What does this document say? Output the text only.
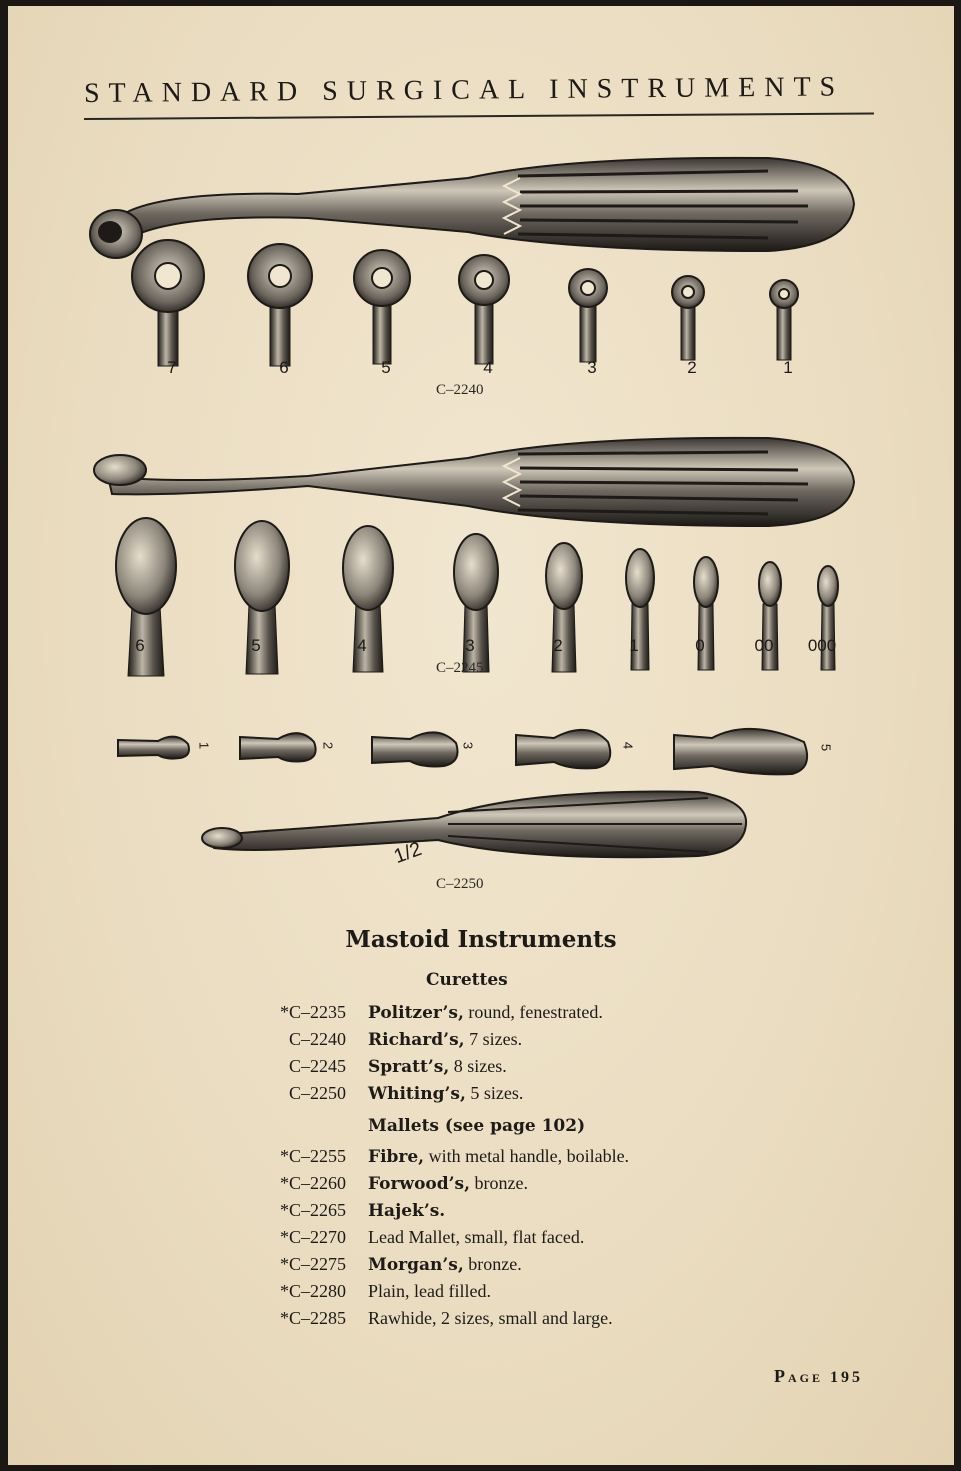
STANDARD SURGICAL INSTRUMENTS
7	6	5	4	3	2	1
C–2240
6	5	4	3	2	1	0	00	000
C–2245
1	2	3	4	5
1/2
C–2250
Mastoid Instruments
Curettes
*C–2235 Politzer’s, round, fenestrated.
C–2240 Richard’s, 7 sizes.
C–2245 Spratt’s, 8 sizes.
C–2250 Whiting’s, 5 sizes.
Mallets (see page 102)
*C–2255 Fibre, with metal handle, boilable.
*C–2260 Forwood’s, bronze.
*C–2265 Hajek’s.
*C–2270 Lead Mallet, small, flat faced.
*C–2275 Morgan’s, bronze.
*C–2280 Plain, lead filled.
*C–2285 Rawhide, 2 sizes, small and large.
PAGE 195
